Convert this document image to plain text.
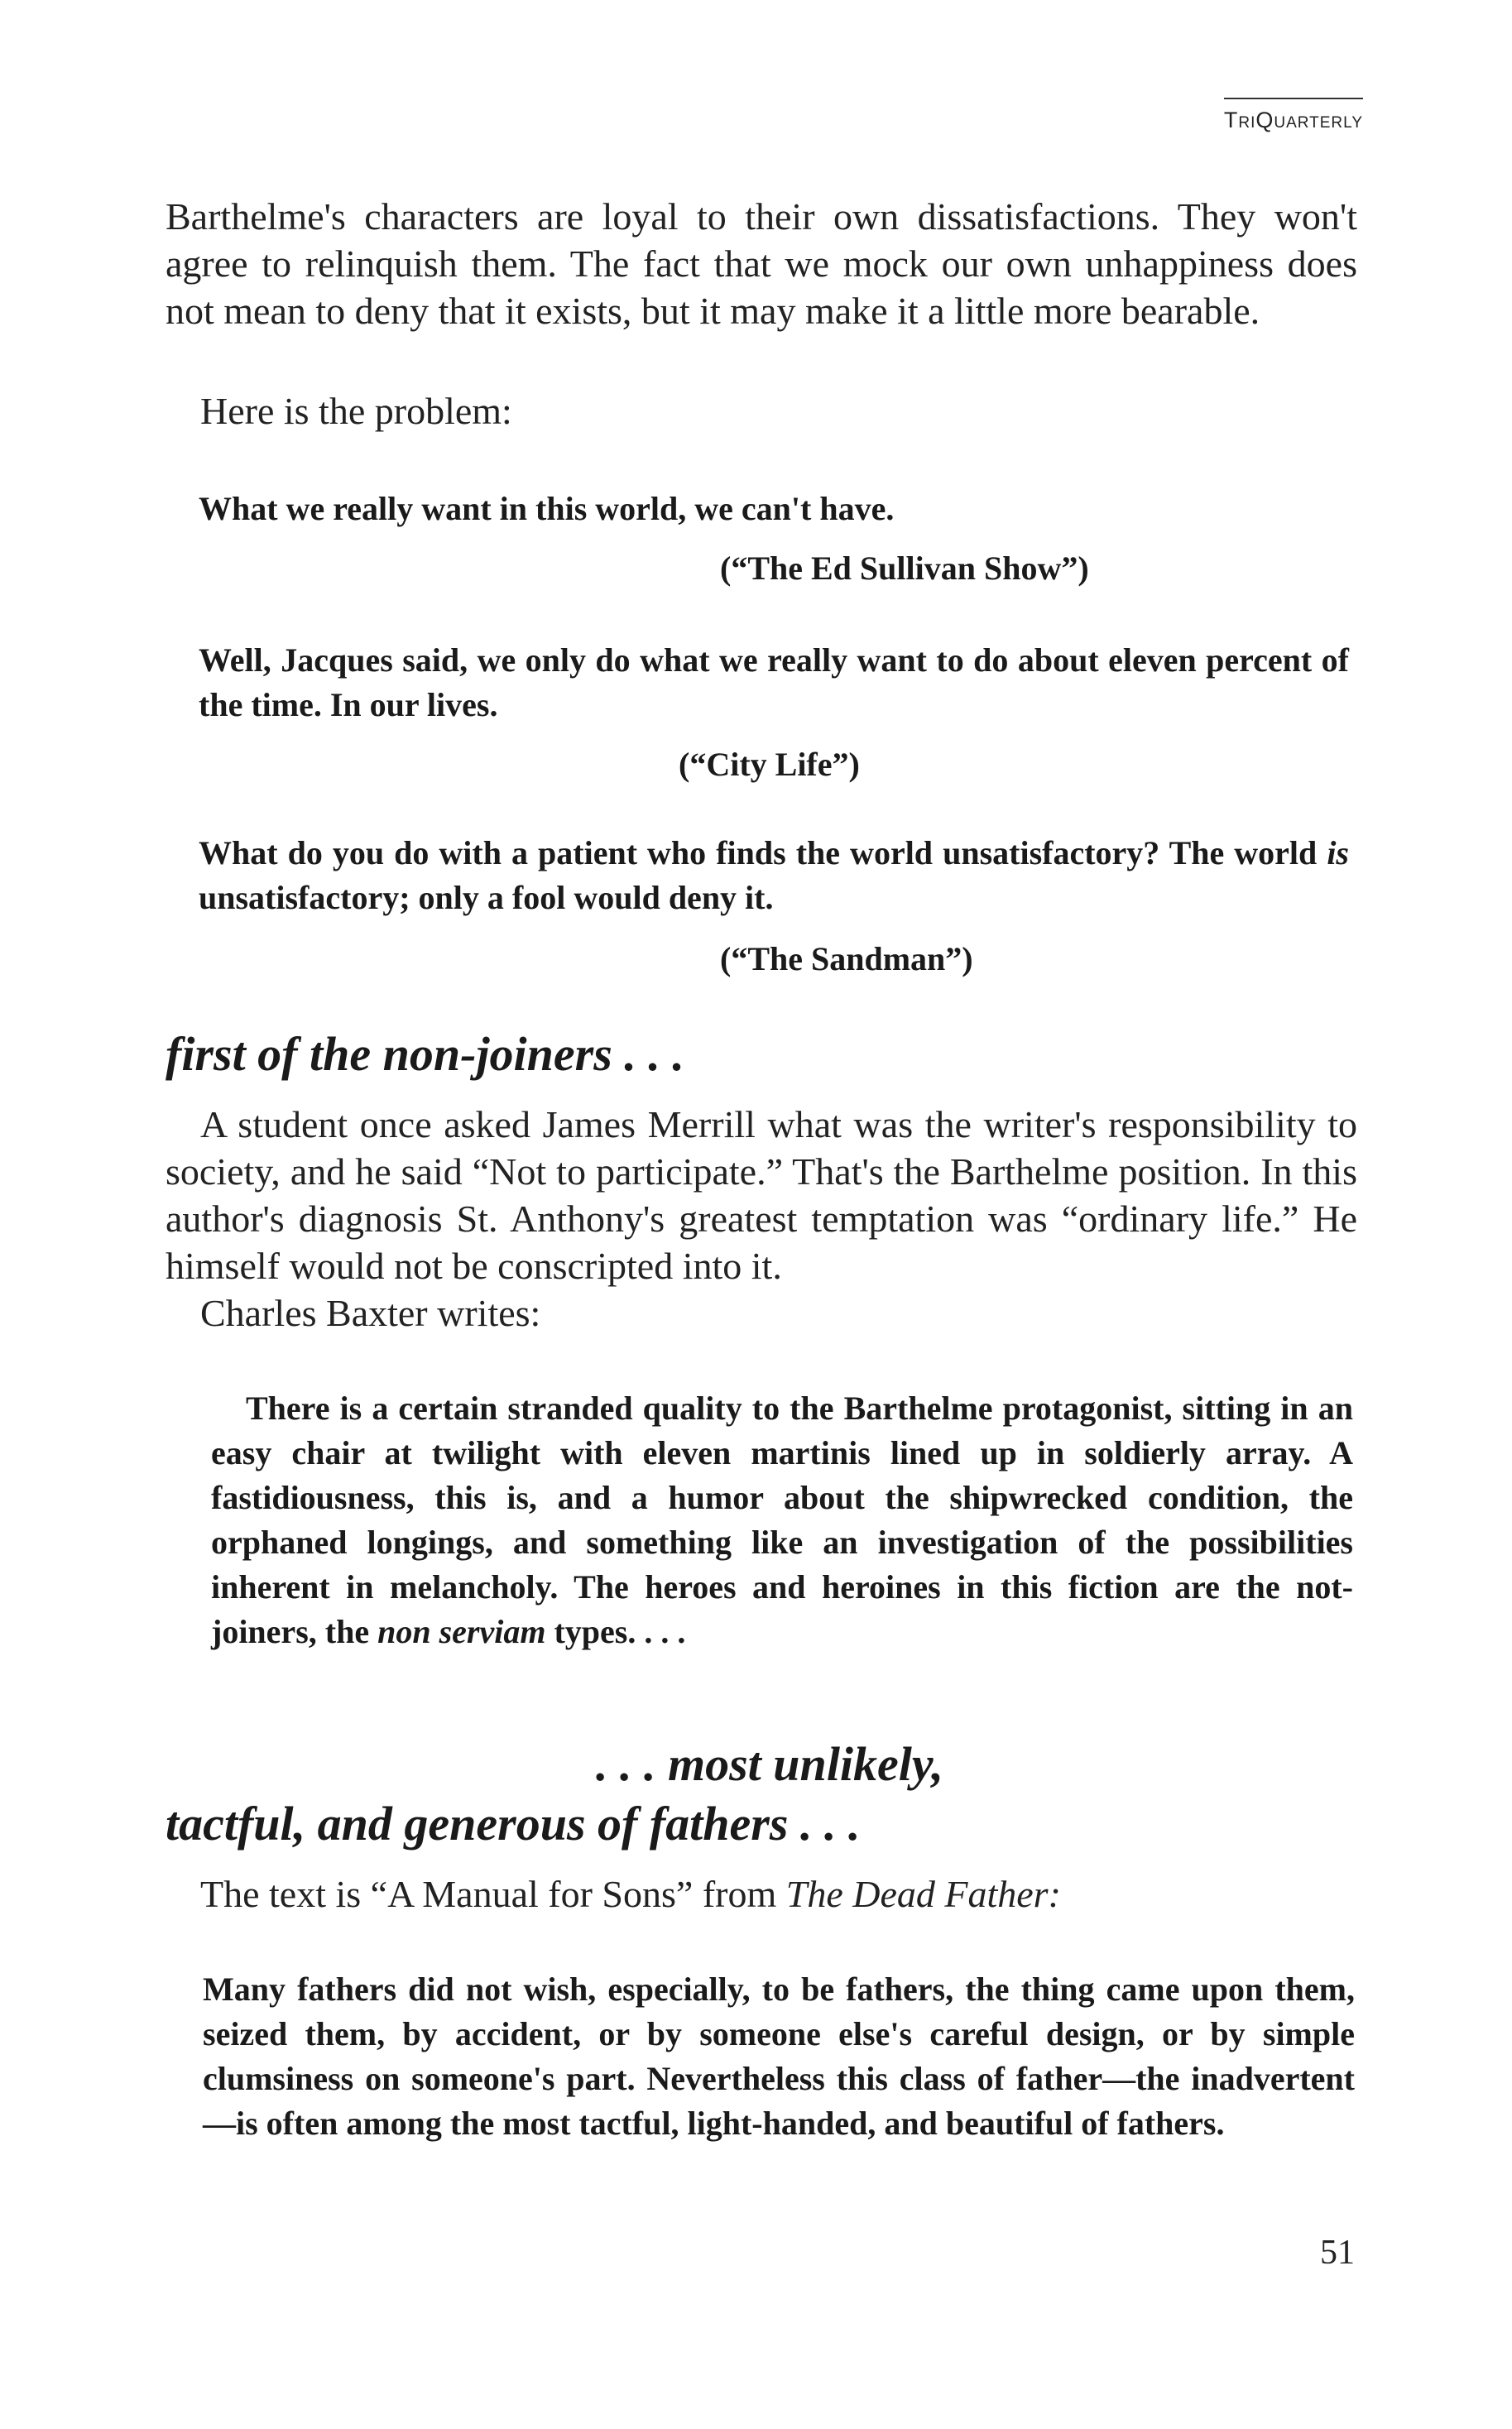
TriQuarterly

Barthelme's characters are loyal to their own dissatisfactions. They won't agree to relinquish them. The fact that we mock our own unhappiness does not mean to deny that it exists, but it may make it a little more bearable.

Here is the problem:

What we really want in this world, we can't have.

(“The Ed Sullivan Show”)

Well, Jacques said, we only do what we really want to do about eleven percent of the time. In our lives.

(“City Life”)

What do you do with a patient who finds the world unsatisfactory? The world is unsatisfactory; only a fool would deny it.

(“The Sandman”)
first of the non-joiners . . .

A student once asked James Merrill what was the writer's responsibility to society, and he said “Not to participate.” That's the Barthelme position. In this author's diagnosis St. Anthony's greatest temptation was “ordinary life.” He himself would not be conscripted into it.

Charles Baxter writes:

There is a certain stranded quality to the Barthelme protagonist, sitting in an easy chair at twilight with eleven martinis lined up in soldierly array. A fastidiousness, this is, and a humor about the shipwrecked condition, the orphaned longings, and something like an investigation of the possibilities inherent in melancholy. The heroes and heroines in this fiction are the not-joiners, the non serviam types. . . .

. . . most unlikely,
tactful, and generous of fathers . . .

The text is “A Manual for Sons” from The Dead Father:

Many fathers did not wish, especially, to be fathers, the thing came upon them, seized them, by accident, or by someone else's careful design, or by simple clumsiness on someone's part. Nevertheless this class of father—the inadvertent—is often among the most tactful, light-handed, and beautiful of fathers.

51
